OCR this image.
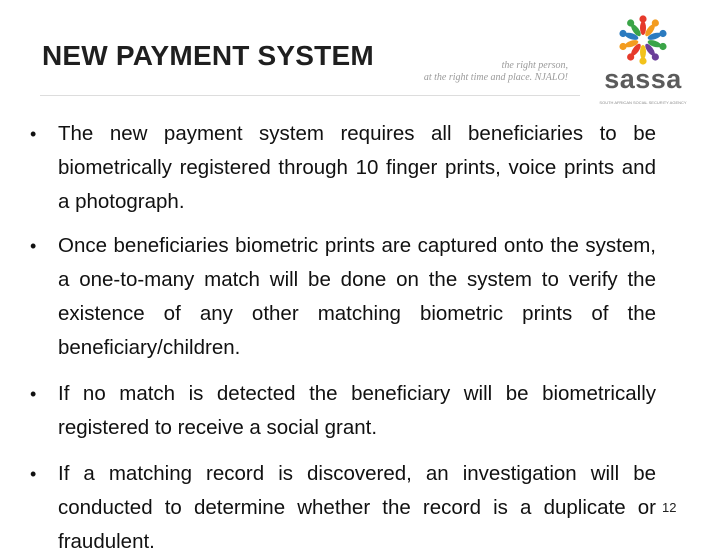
NEW PAYMENT SYSTEM	the right person,
at the right time and place. NJALO! sassa
SOUTH AFRICAN SOCIAL SECURITY AGENCY
•	The new payment system requires all beneficiaries to be biometrically registered through 10 finger prints, voice prints and a photograph.
•	Once beneficiaries biometric prints are captured onto the system, a one-to-many match will be done on the system to verify the existence of any other matching biometric prints of the beneficiary/children.
•	If no match is detected the beneficiary will be biometrically registered to receive a social grant.
•	If a matching record is discovered, an investigation will be conducted to determine whether the record is a duplicate or fraudulent.
12
